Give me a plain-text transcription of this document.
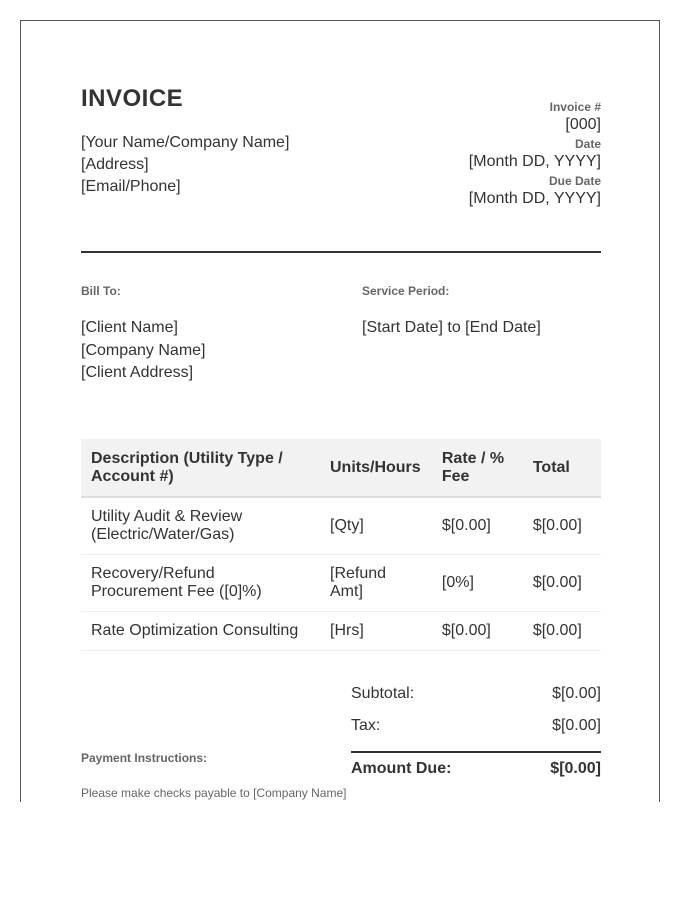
INVOICE
[Your Name/Company Name]
[Address]
[Email/Phone]
Invoice #
[000]
Date
[Month DD, YYYY]
Due Date
[Month DD, YYYY]
Bill To:
[Client Name]
[Company Name]
[Client Address]
Service Period:
[Start Date] to [End Date]
Description (Utility Type / Account #)	Units/Hours	Rate / % Fee	Total
Utility Audit & Review (Electric/Water/Gas)	[Qty]	$[0.00]	$[0.00]
Recovery/Refund Procurement Fee ([0]%)	[Refund Amt]	[0%]	$[0.00]
Rate Optimization Consulting	[Hrs]	$[0.00]	$[0.00]
Subtotal:	$[0.00]
Tax:	$[0.00]
Amount Due:	$[0.00]
Payment Instructions:
Please make checks payable to [Company Name]
